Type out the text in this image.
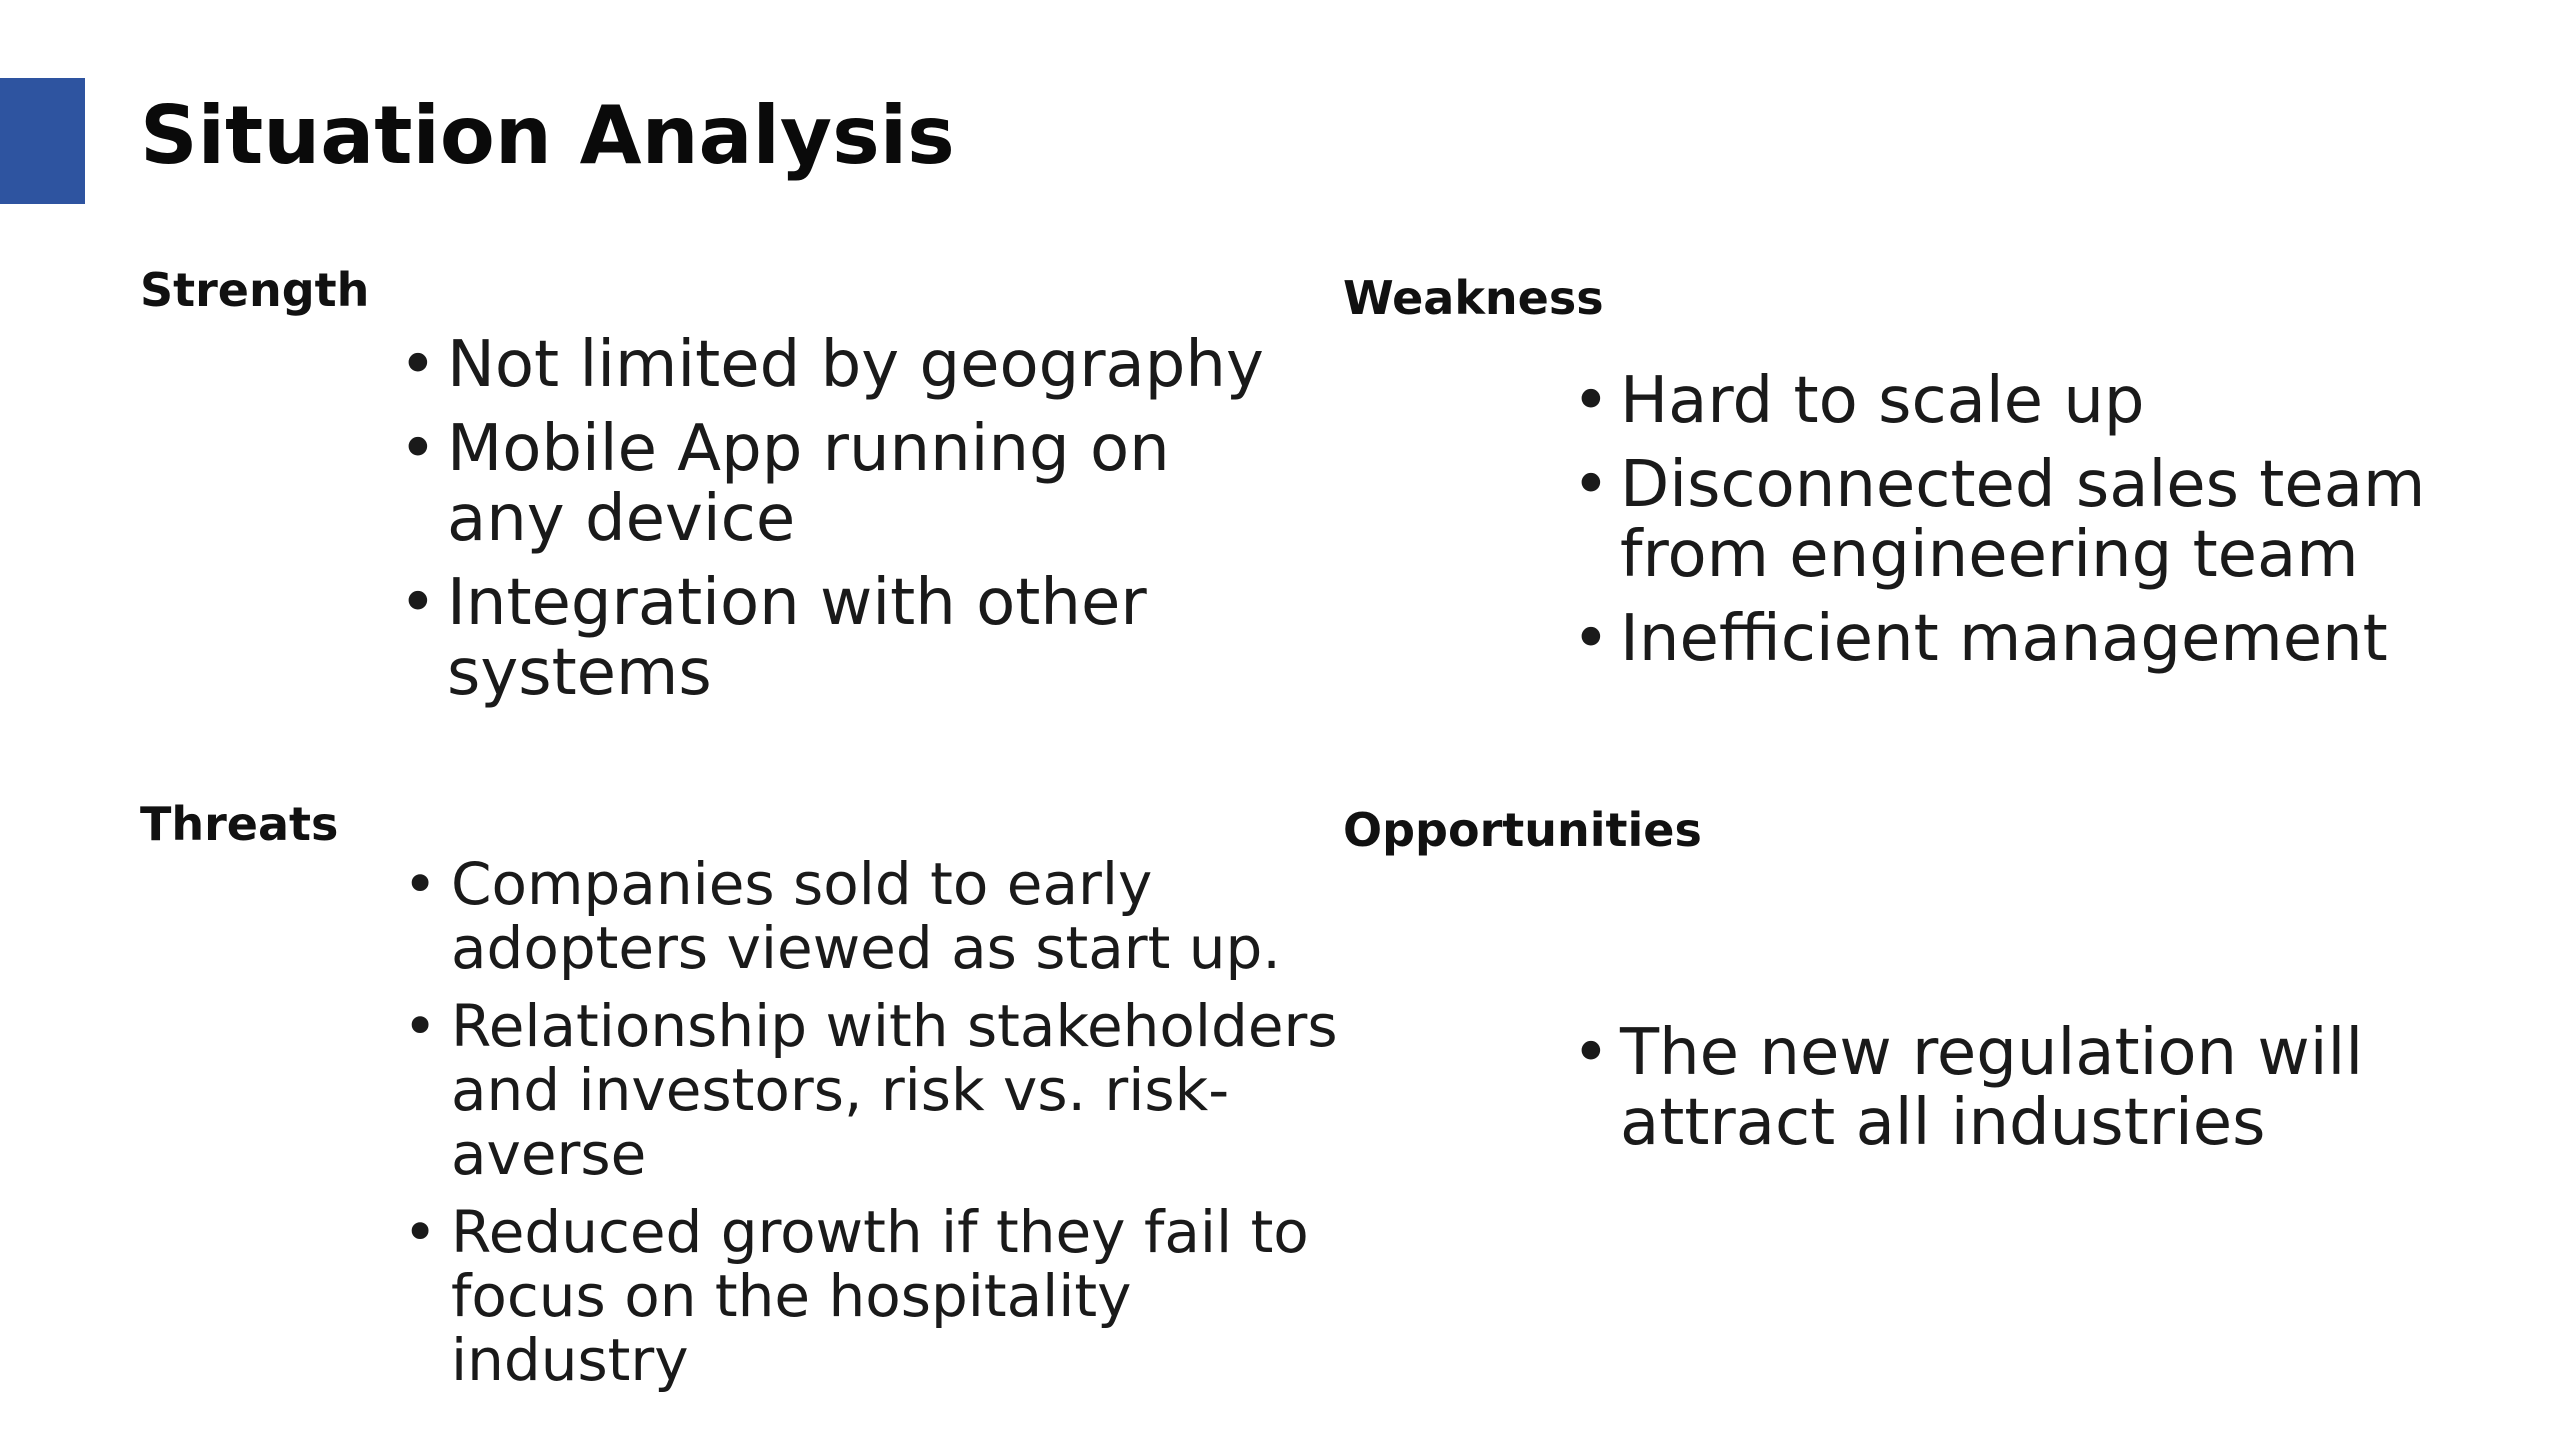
Situation Analysis
Strength
• Not limited by geography
• Mobile App running on any device
• Integration with other systems
Weakness
• Hard to scale up
• Disconnected sales team from engineering team
• Inefficient management
Threats
• Companies sold to early adopters viewed as start up.
• Relationship with stakeholders and investors, risk vs. risk-averse
• Reduced growth if they fail to focus on the hospitality industry
Opportunities
• The new regulation will attract all industries
